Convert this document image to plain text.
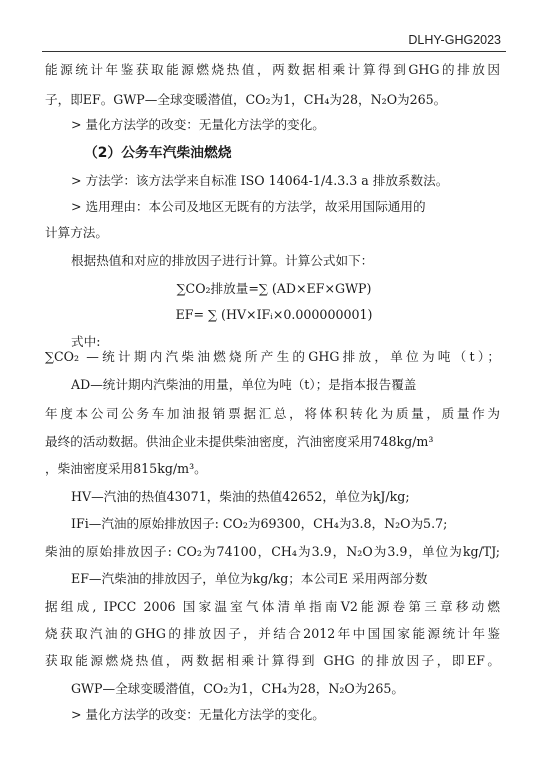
DLHY-GHG2023
能源统计年鉴获取能源燃烧热值，两数据相乘计算得到GHG的排放因
子，即EF。GWP—全球变暖潜值，CO₂为1，CH₄为28，N₂O为265。
> 量化方法学的改变：无量化方法学的变化。
（2）公务车汽柴油燃烧
> 方法学：该方法学来自标准 ISO 14064-1/4.3.3 a 排放系数法。
> 选用理由：本公司及地区无既有的方法学，故采用国际通用的
计算方法。
根据热值和对应的排放因子进行计算。计算公式如下：
∑CO₂排放量=∑ (AD×EF×GWP)
EF= ∑ (HV×IFᵢ×0.000000001)
式中:
∑CO₂ —统计期内汽柴油燃烧所产生的GHG排放，单位为吨（t）；
AD—统计期内汽柴油的用量，单位为吨（t）；是指本报告覆盖
年度本公司公务车加油报销票据汇总，将体积转化为质量，质量作为
最终的活动数据。供油企业未提供柴油密度，汽油密度采用748kg/m³
，柴油密度采用815kg/m³。
HV—汽油的热值43071，柴油的热值42652，单位为kJ/kg;
IFi—汽油的原始排放因子: CO₂为69300，CH₄为3.8，N₂O为5.7;
柴油的原始排放因子: CO₂为74100，CH₄为3.9，N₂O为3.9，单位为kg/TJ;
EF—汽柴油的排放因子，单位为kg/kg；本公司E 采用两部分数
据组成, IPCC 2006 国家温室气体清单指南V2能源卷第三章移动燃
烧获取汽油的GHG的排放因子，并结合2012年中国国家能源统计年鉴
获取能源燃烧热值，两数据相乘计算得到 GHG 的排放因子，即EF。
GWP—全球变暖潜值，CO₂为1，CH₄为28，N₂O为265。
> 量化方法学的改变：无量化方法学的变化。
